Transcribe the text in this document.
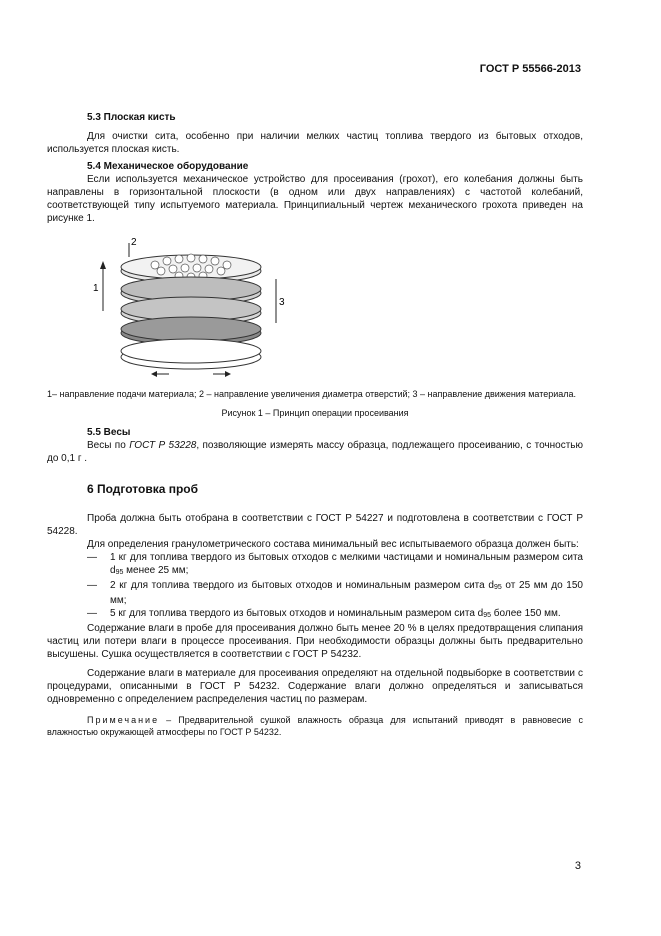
ГОСТ Р 55566-2013
5.3 Плоская кисть

Для очистки сита, особенно при наличии мелких частиц топлива твердого из бытовых отходов, используется плоская кисть.

5.4 Механическое оборудование

Если используется механическое устройство для просеивания (грохот), его колебания должны быть направлены в горизонтальной плоскости (в одном или двух направлениях) с частотой колебаний, соответствующей типу испытуемого материала. Принципиальный чертеж механического грохота приведен на рисунке 1.

1
2
3
1– направление подачи материала; 2 – направление увеличения диаметра отверстий; 3 – направление движения материала.
Рисунок 1 – Принцип операции просеивания
5.5 Весы

Весы по ГОСТ Р 53228, позволяющие измерять массу образца, подлежащего просеиванию, с точностью до 0,1 г .

6 Подготовка проб

Проба должна быть отобрана в соответствии с ГОСТ Р 54227 и подготовлена в соответствии с ГОСТ Р 54228.

Для определения гранулометрического состава минимальный вес испытываемого образца должен быть:

— 1 кг для топлива твердого из бытовых отходов с мелкими частицами и номинальным размером сита $d_{95}$ менее 25 мм;
— 2 кг для топлива твердого из бытовых отходов и номинальным размером сита $d_{95}$ от 25 мм до 150 мм;
— 5 кг для топлива твердого из бытовых отходов и номинальным размером сита $d_{95}$ более 150 мм.

Содержание влаги в пробе для просеивания должно быть менее 20 % в целях предотвращения слипания частиц или потери влаги в процессе просеивания. При необходимости образцы должны быть предварительно высушены. Сушка осуществляется в соответствии с ГОСТ Р 54232.

Содержание влаги в материале для просеивания определяют на отдельной подвыборке в соответствии с процедурами, описанными в ГОСТ Р 54232. Содержание влаги должно определяться и записываться одновременно с определением распределения частиц по размерам.

Примечание – Предварительной сушкой влажность образца для испытаний приводят в равновесие с влажностью окружающей атмосферы по ГОСТ Р 54232.

3
